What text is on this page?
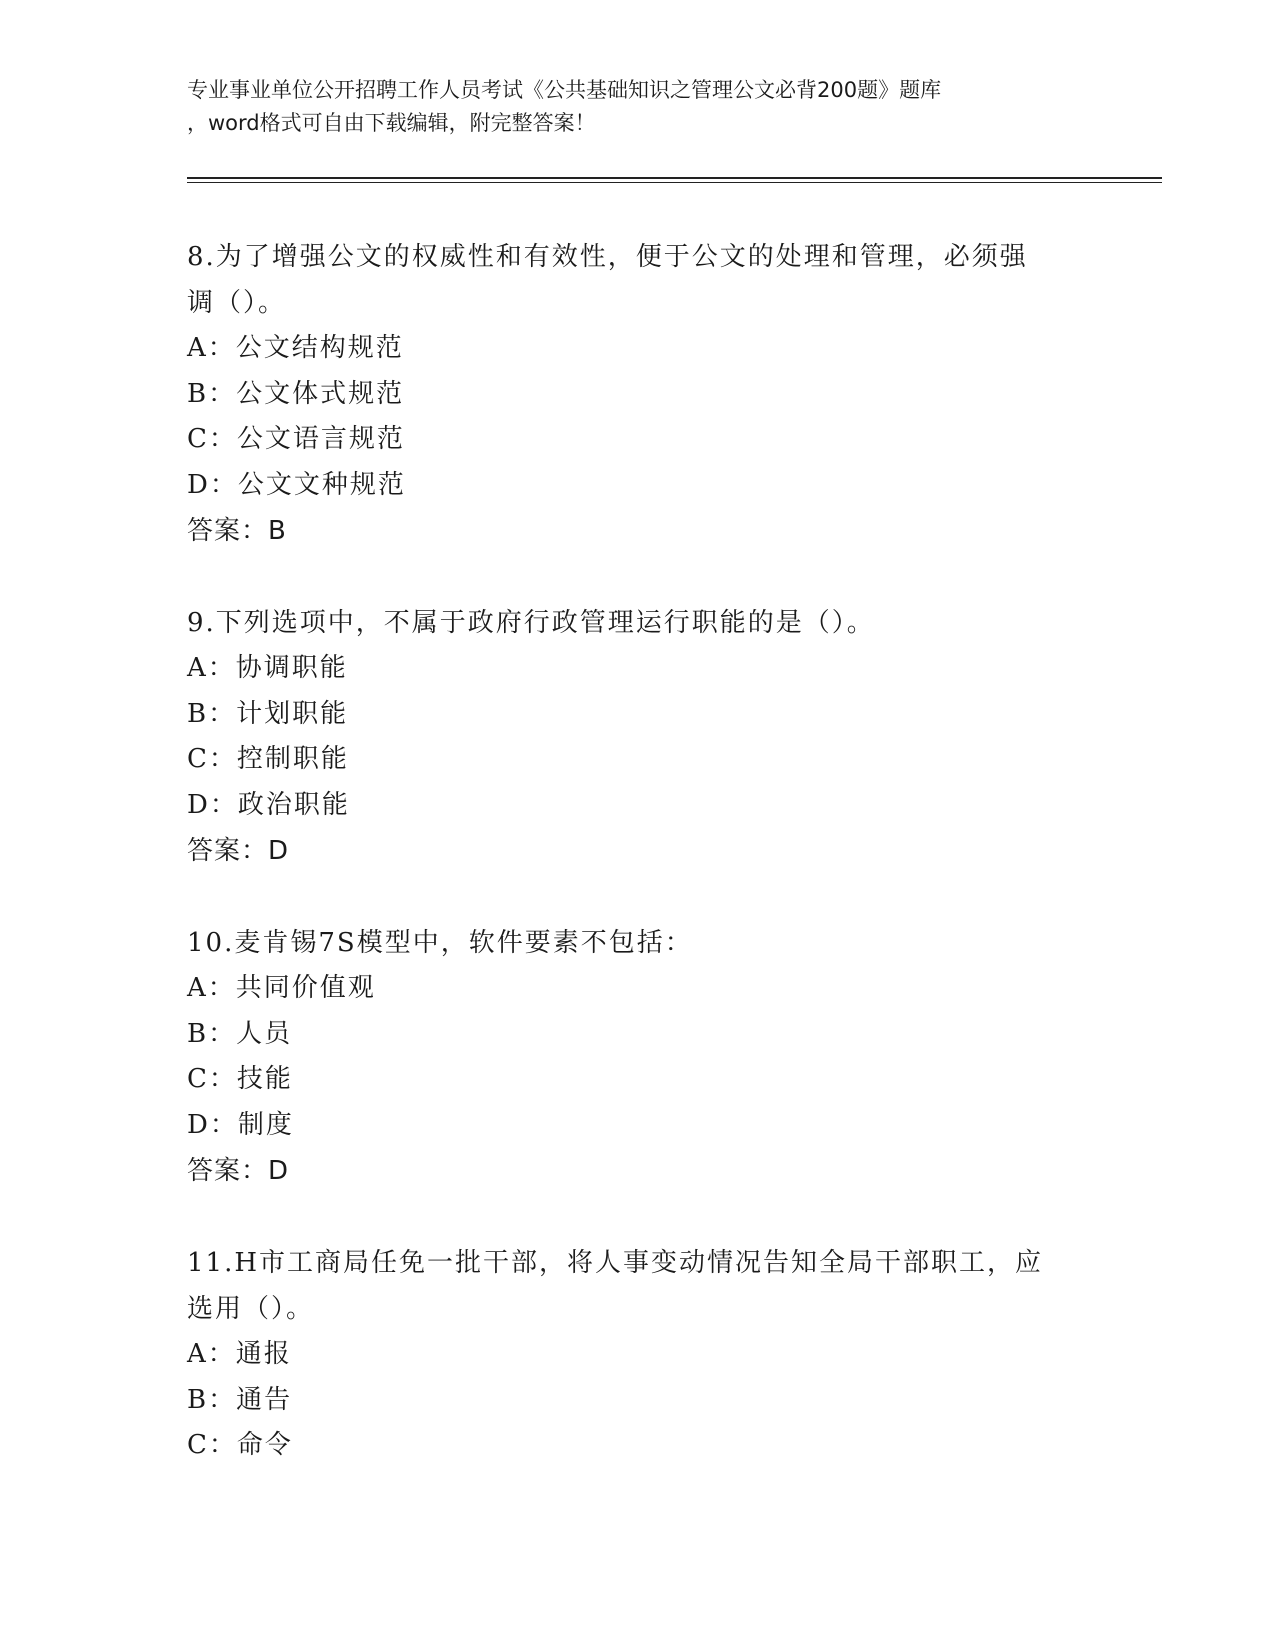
专业事业单位公开招聘工作人员考试《公共基础知识之管理公文必背200题》题库
，word格式可自由下载编辑，附完整答案！
8.为了增强公文的权威性和有效性，便于公文的处理和管理，必须强
调（）。
A：公文结构规范
B：公文体式规范
C：公文语言规范
D：公文文种规范
答案：B
9.下列选项中，不属于政府行政管理运行职能的是（）。
A：协调职能
B：计划职能
C：控制职能
D：政治职能
答案：D
10.麦肯锡7S模型中，软件要素不包括：
A：共同价值观
B：人员
C：技能
D：制度
答案：D
11.H市工商局任免一批干部，将人事变动情况告知全局干部职工，应
选用（）。
A：通报
B：通告
C：命令
